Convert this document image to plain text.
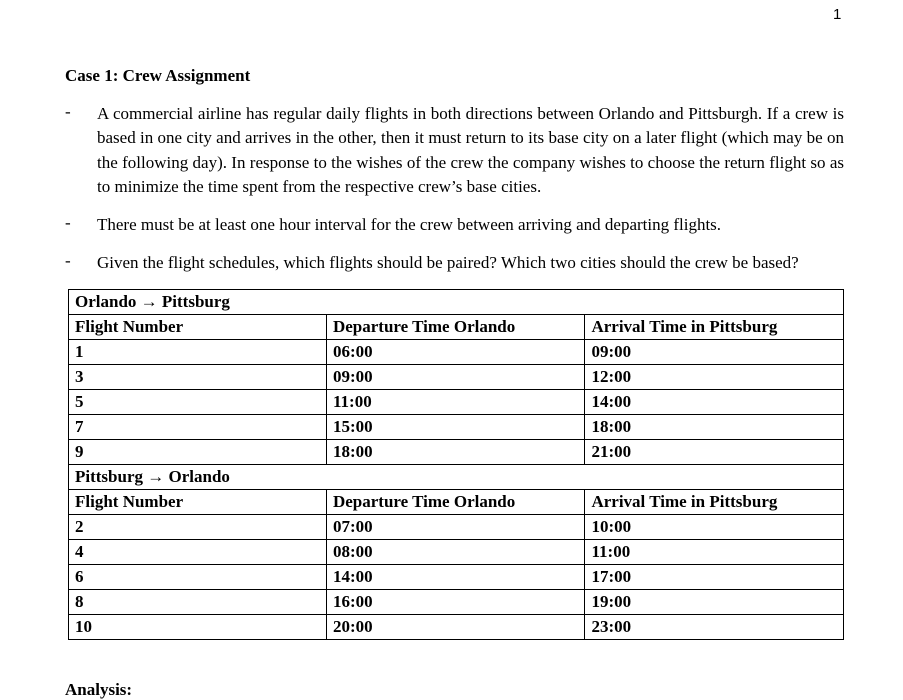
1
Case 1: Crew Assignment
- A commercial airline has regular daily flights in both directions between Orlando and Pittsburgh. If a crew is based in one city and arrives in the other, then it must return to its base city on a later flight (which may be on the following day). In response to the wishes of the crew the company wishes to choose the return flight so as to minimize the time spent from the respective crew’s base cities.
- There must be at least one hour interval for the crew between arriving and departing flights.
- Given the flight schedules, which flights should be paired? Which two cities should the crew be based?
Orlando → Pittsburg		
Flight Number	Departure Time Orlando	Arrival Time in Pittsburg
1	06:00	09:00
3	09:00	12:00
5	11:00	14:00
7	15:00	18:00
9	18:00	21:00
Pittsburg → Orlando		
Flight Number	Departure Time Orlando	Arrival Time in Pittsburg
2	07:00	10:00
4	08:00	11:00
6	14:00	17:00
8	16:00	19:00
10	20:00	23:00
Analysis:
